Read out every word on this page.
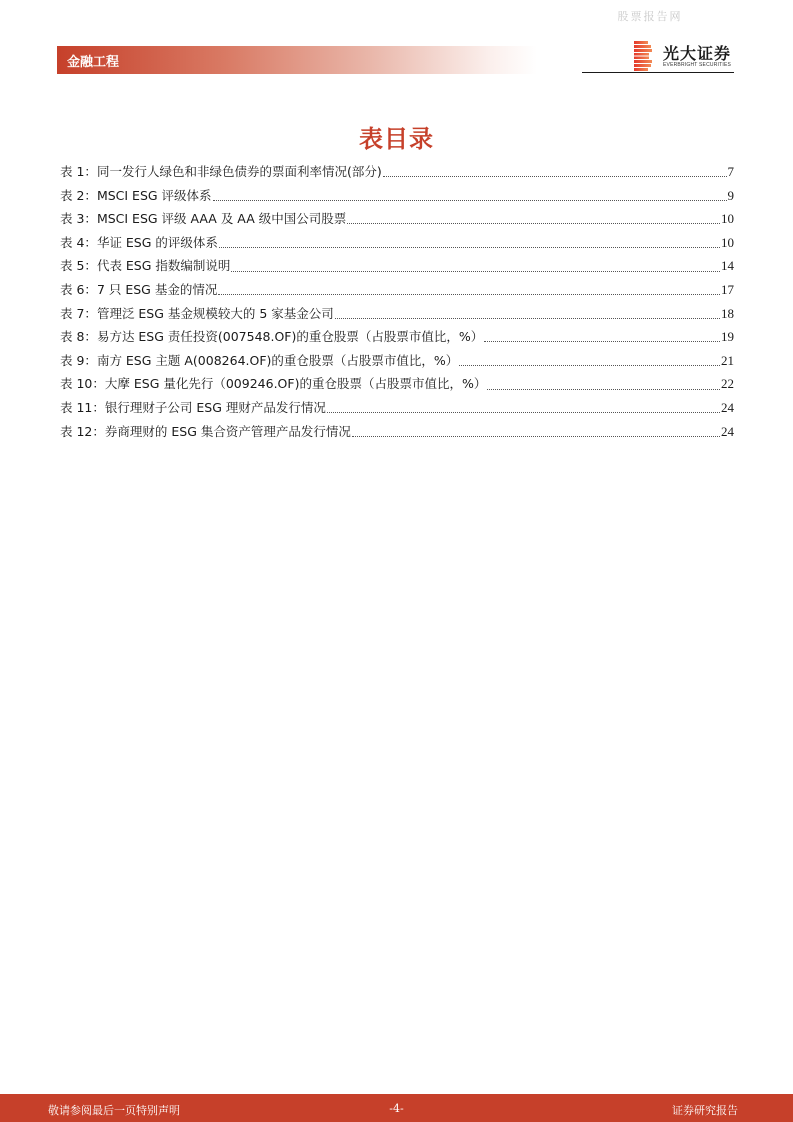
股票报告网
金融工程	光大证券
EVERBRIGHT SECURITIES
表目录
表 1： 同一发行人绿色和非绿色债券的票面利率情况(部分)	7
表 2： MSCI ESG 评级体系	9
表 3： MSCI ESG 评级 AAA 及 AA 级中国公司股票	10
表 4： 华证 ESG 的评级体系	10
表 5： 代表 ESG 指数编制说明	14
表 6： 7 只 ESG 基金的情况	17
表 7： 管理泛 ESG 基金规模较大的 5 家基金公司	18
表 8： 易方达 ESG 责任投资(007548.OF)的重仓股票（占股票市值比，%）	19
表 9： 南方 ESG 主题 A(008264.OF)的重仓股票（占股票市值比，%）	21
表 10： 大摩 ESG 量化先行（009246.OF)的重仓股票（占股票市值比，%）	22
表 11： 银行理财子公司 ESG 理财产品发行情况	24
表 12： 券商理财的 ESG 集合资产管理产品发行情况	24
敬请参阅最后一页特别声明	-4-	证券研究报告
